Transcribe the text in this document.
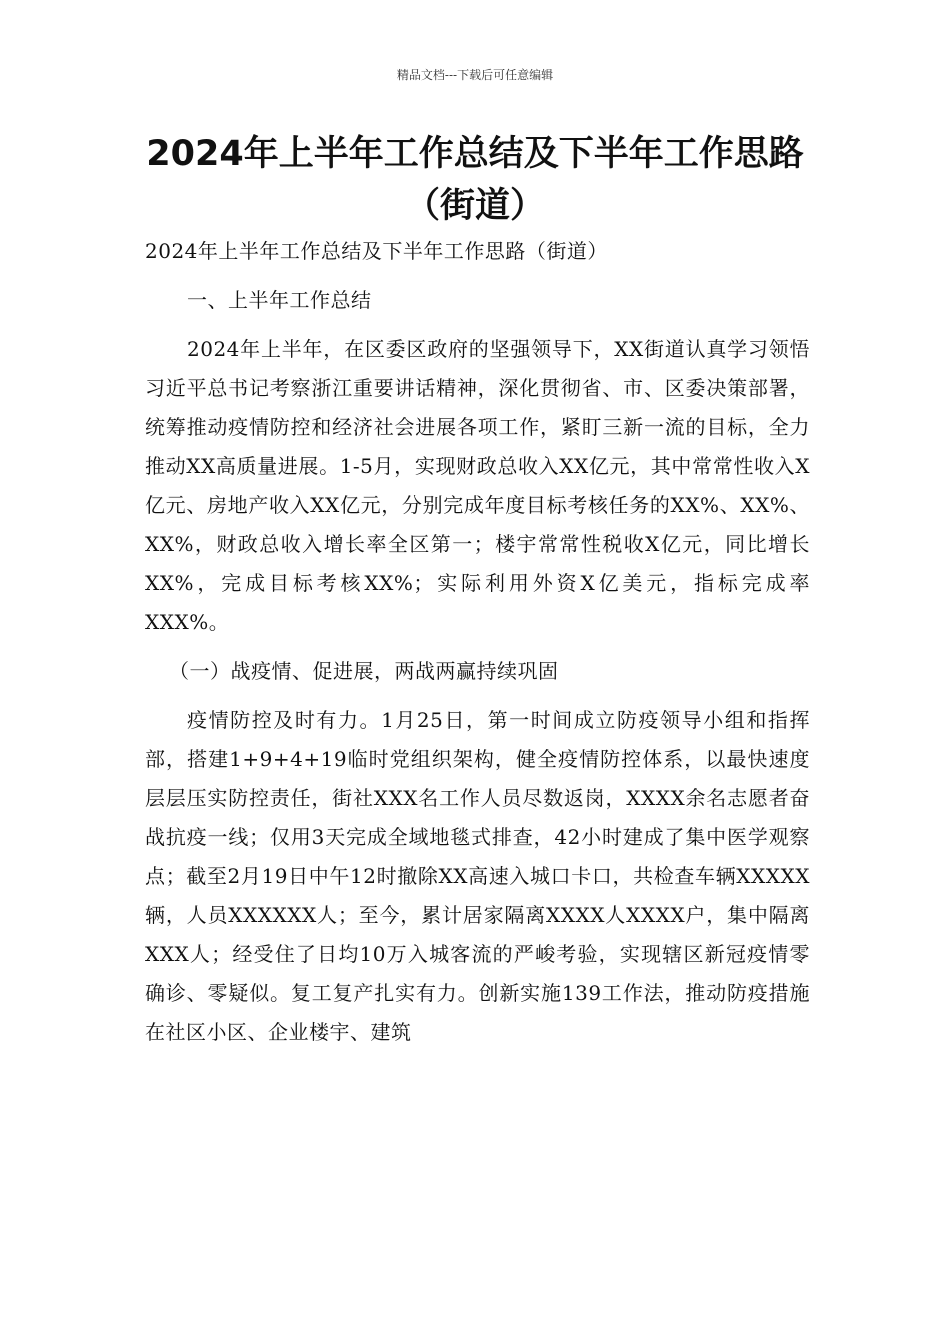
精品文档---下载后可任意编辑
2024年上半年工作总结及下半年工作思路（街道）

2024年上半年工作总结及下半年工作思路（街道）

一、上半年工作总结

2024年上半年，在区委区政府的坚强领导下，XX街道认真学习领悟习近平总书记考察浙江重要讲话精神，深化贯彻省、市、区委决策部署，统筹推动疫情防控和经济社会进展各项工作，紧盯三新一流的目标，全力推动XX高质量进展。1-5月，实现财政总收入XX亿元，其中常常性收入X亿元、房地产收入XX亿元，分别完成年度目标考核任务的XX%、XX%、XX%，财政总收入增长率全区第一；楼宇常常性税收X亿元，同比增长XX%，完成目标考核XX%；实际利用外资X亿美元，指标完成率XXX%。

（一）战疫情、促进展，两战两赢持续巩固

疫情防控及时有力。1月25日，第一时间成立防疫领导小组和指挥部，搭建1+9+4+19临时党组织架构，健全疫情防控体系，以最快速度层层压实防控责任，街社XXX名工作人员尽数返岗，XXXX余名志愿者奋战抗疫一线；仅用3天完成全域地毯式排查，42小时建成了集中医学观察点；截至2月19日中午12时撤除XX高速入城口卡口，共检查车辆XXXXX辆，人员XXXXXX人；至今，累计居家隔离XXXX人XXXX户，集中隔离XXX人；经受住了日均10万入城客流的严峻考验，实现辖区新冠疫情零确诊、零疑似。复工复产扎实有力。创新实施139工作法，推动防疫措施在社区小区、企业楼宇、建筑
